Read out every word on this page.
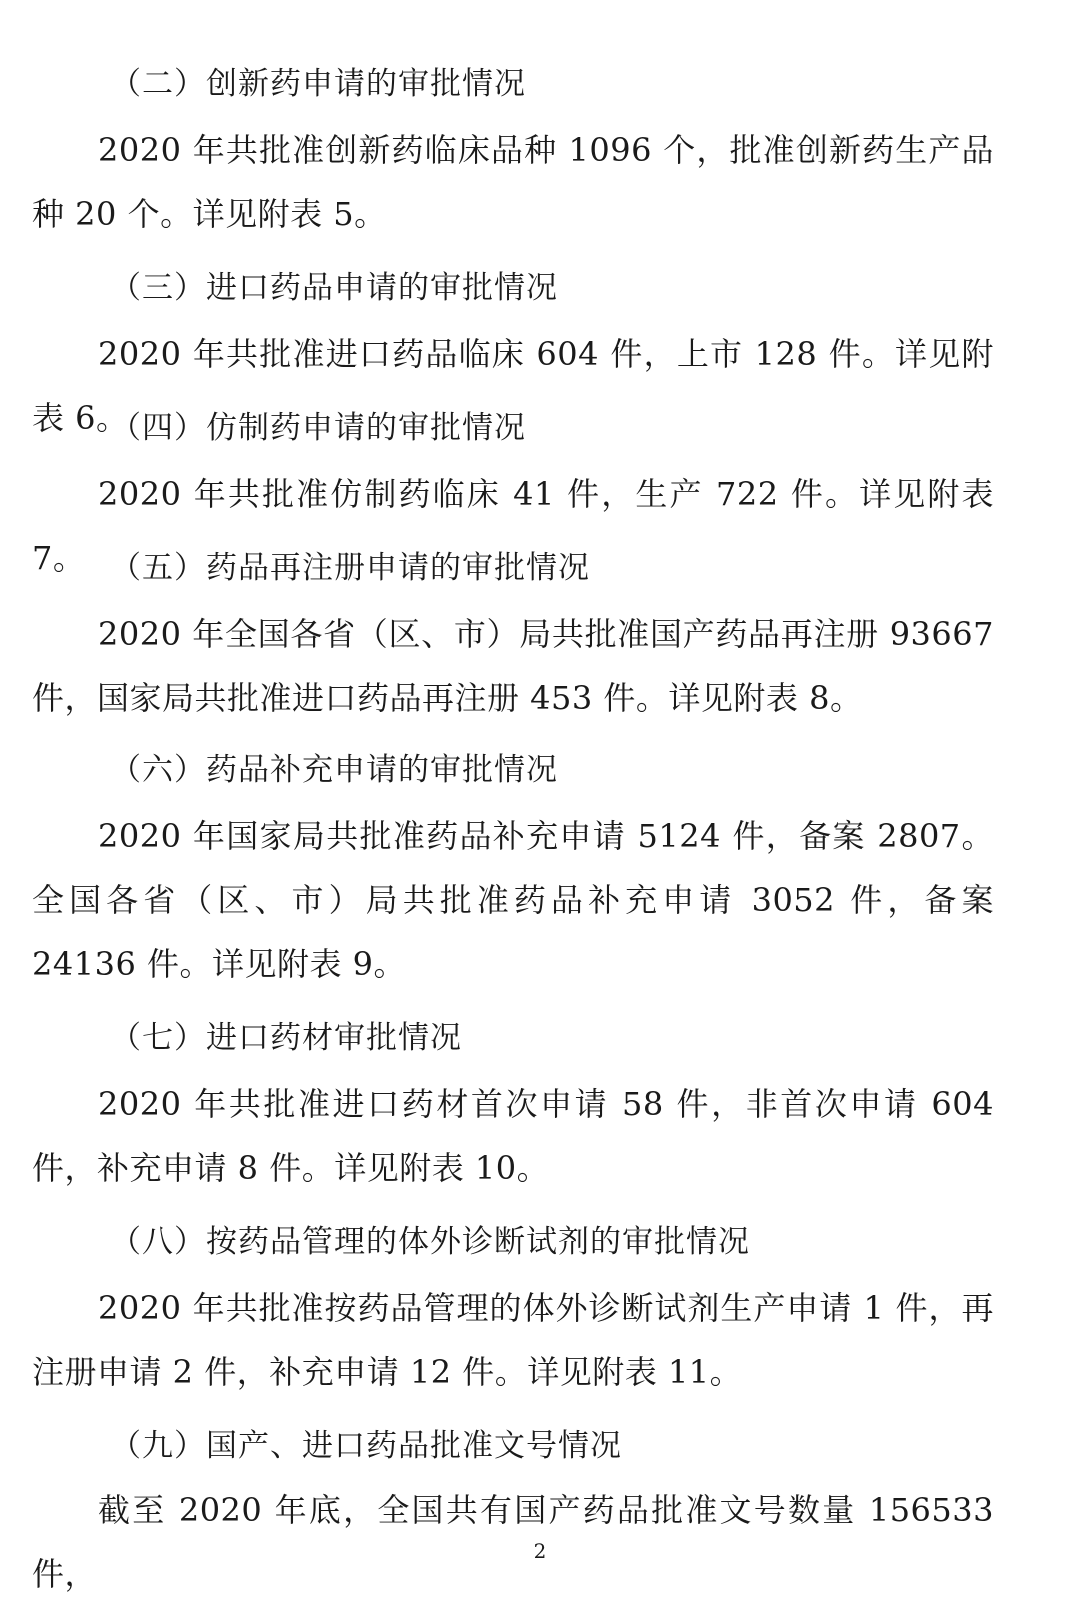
（二）创新药申请的审批情况
2020 年共批准创新药临床品种 1096 个，批准创新药生产品种 20 个。详见附表 5。
（三）进口药品申请的审批情况
2020 年共批准进口药品临床 604 件，上市 128 件。详见附表 6。
（四）仿制药申请的审批情况
2020 年共批准仿制药临床 41 件，生产 722 件。详见附表 7。 （五）药品再注册申请的审批情况
2020 年全国各省（区、市）局共批准国产药品再注册 93667 件，国家局共批准进口药品再注册 453 件。详见附表 8。
（六）药品补充申请的审批情况
2020 年国家局共批准药品补充申请 5124 件，备案 2807。全国各省（区、市）局共批准药品补充申请 3052 件，备案 24136 件。详见附表 9。
（七）进口药材审批情况
2020 年共批准进口药材首次申请 58 件，非首次申请 604 件，补充申请 8 件。详见附表 10。
（八）按药品管理的体外诊断试剂的审批情况
2020 年共批准按药品管理的体外诊断试剂生产申请 1 件，再注册申请 2 件，补充申请 12 件。详见附表 11。
（九）国产、进口药品批准文号情况
截至 2020 年底，全国共有国产药品批准文号数量 156533 件，
2
